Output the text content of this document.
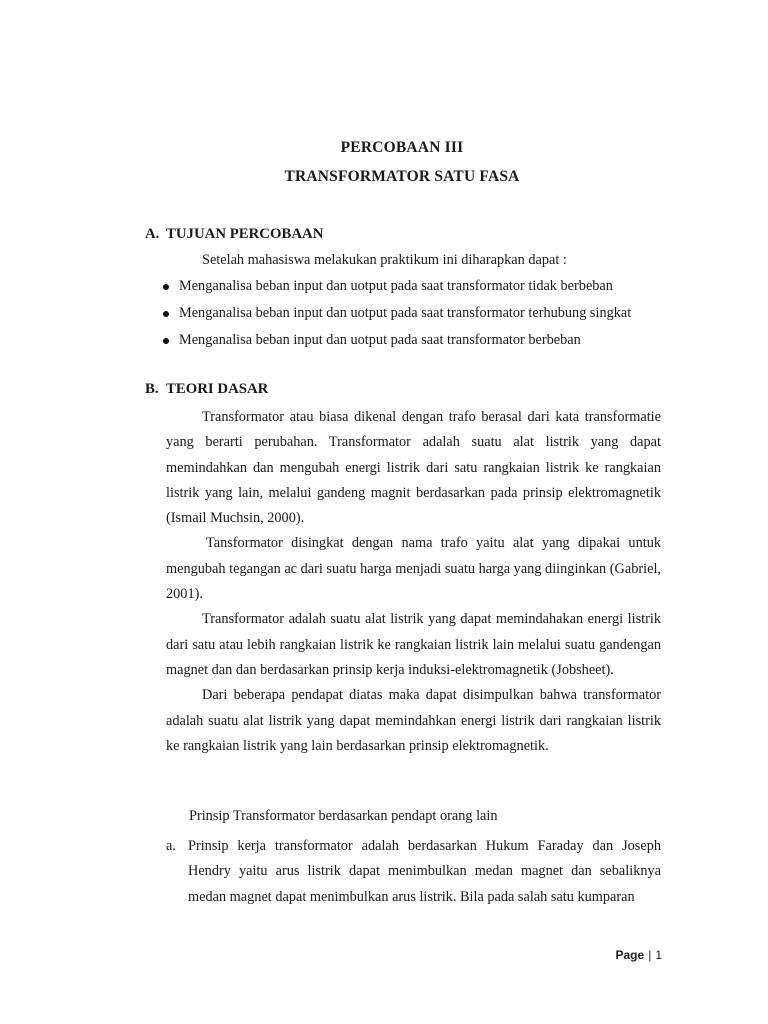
PERCOBAAN III
TRANSFORMATOR SATU FASA
A. TUJUAN PERCOBAAN
Setelah mahasiswa melakukan praktikum ini diharapkan dapat :
Menganalisa beban input dan uotput pada saat transformator tidak berbeban
Menganalisa beban input dan uotput pada saat transformator terhubung singkat
Menganalisa beban input dan uotput pada saat transformator berbeban
B. TEORI DASAR

Transformator atau biasa dikenal dengan trafo berasal dari kata transformatie yang berarti perubahan. Transformator adalah suatu alat listrik yang dapat memindahkan dan mengubah energi listrik dari satu rangkaian listrik ke rangkaian listrik yang lain, melalui gandeng magnit berdasarkan pada prinsip elektromagnetik (Ismail Muchsin, 2000).

Tansformator disingkat dengan nama trafo yaitu alat yang dipakai untuk mengubah tegangan ac dari suatu harga menjadi suatu harga yang diinginkan (Gabriel, 2001).

Transformator adalah suatu alat listrik yang dapat memindahakan energi listrik dari satu atau lebih rangkaian listrik ke rangkaian listrik lain melalui suatu gandengan magnet dan dan berdasarkan prinsip kerja induksi-elektromagnetik (Jobsheet).

Dari beberapa pendapat diatas maka dapat disimpulkan bahwa transformator adalah suatu alat listrik yang dapat memindahkan energi listrik dari rangkaian listrik ke rangkaian listrik yang lain berdasarkan prinsip elektromagnetik.

Prinsip Transformator berdasarkan pendapt orang lain
a. Prinsip kerja transformator adalah berdasarkan Hukum Faraday dan Joseph Hendry yaitu arus listrik dapat menimbulkan medan magnet dan sebaliknya medan magnet dapat menimbulkan arus listrik. Bila pada salah satu kumparan
Page | 1
